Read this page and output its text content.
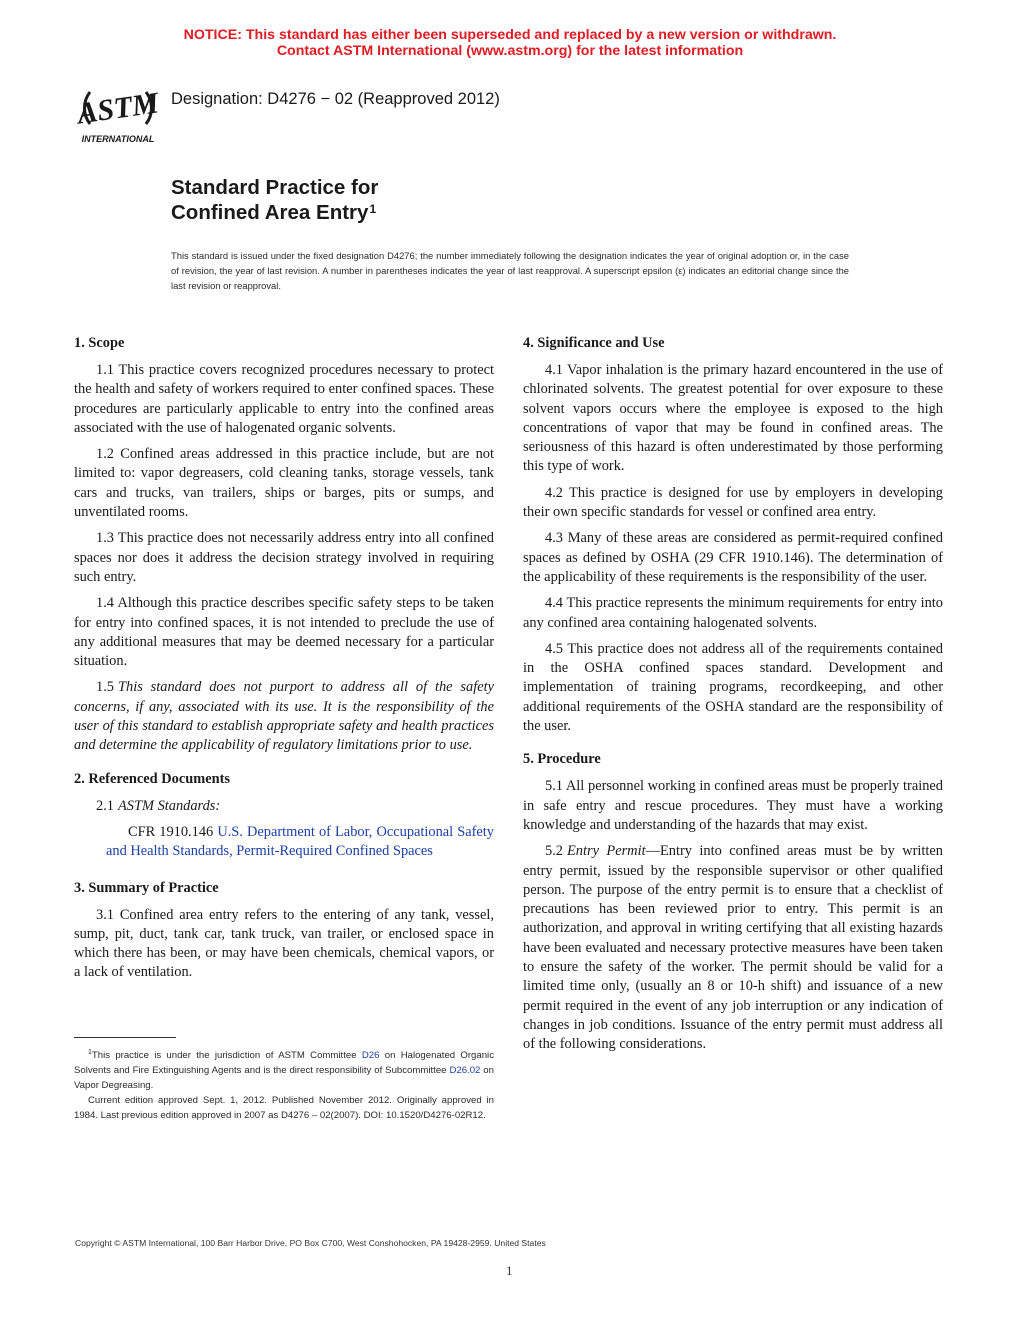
NOTICE: This standard has either been superseded and replaced by a new version or withdrawn.
Contact ASTM International (www.astm.org) for the latest information
ASTM
INTERNATIONAL
Designation: D4276 − 02 (Reapproved 2012)
Standard Practice for
Confined Area Entry$^1$
This standard is issued under the fixed designation D4276; the number immediately following the designation indicates the year of original adoption or, in the case of revision, the year of last revision. A number in parentheses indicates the year of last reapproval. A superscript epsilon (ε) indicates an editorial change since the last revision or reapproval.
1. Scope

1.1 This practice covers recognized procedures necessary to protect the health and safety of workers required to enter confined spaces. These procedures are particularly applicable to entry into the confined areas associated with the use of halogenated organic solvents.

1.2 Confined areas addressed in this practice include, but are not limited to: vapor degreasers, cold cleaning tanks, storage vessels, tank cars and trucks, van trailers, ships or barges, pits or sumps, and unventilated rooms.

1.3 This practice does not necessarily address entry into all confined spaces nor does it address the decision strategy involved in requiring such entry.

1.4 Although this practice describes specific safety steps to be taken for entry into confined spaces, it is not intended to preclude the use of any additional measures that may be deemed necessary for a particular situation.

1.5 This standard does not purport to address all of the safety concerns, if any, associated with its use. It is the responsibility of the user of this standard to establish appropriate safety and health practices and determine the applicability of regulatory limitations prior to use.

2. Referenced Documents

2.1 ASTM Standards:

CFR 1910.146 U.S. Department of Labor, Occupational Safety and Health Standards, Permit-Required Confined Spaces

3. Summary of Practice

3.1 Confined area entry refers to the entering of any tank, vessel, sump, pit, duct, tank car, tank truck, van trailer, or enclosed space in which there has been, or may have been chemicals, chemical vapors, or a lack of ventilation.

4. Significance and Use

4.1 Vapor inhalation is the primary hazard encountered in the use of chlorinated solvents. The greatest potential for over exposure to these solvent vapors occurs where the employee is exposed to the high concentrations of vapor that may be found in confined areas. The seriousness of this hazard is often underestimated by those performing this type of work.

4.2 This practice is designed for use by employers in developing their own specific standards for vessel or confined area entry.

4.3 Many of these areas are considered as permit-required confined spaces as defined by OSHA (29 CFR 1910.146). The determination of the applicability of these requirements is the responsibility of the user.

4.4 This practice represents the minimum requirements for entry into any confined area containing halogenated solvents.

4.5 This practice does not address all of the requirements contained in the OSHA confined spaces standard. Development and implementation of training programs, recordkeeping, and other additional requirements of the OSHA standard are the responsibility of the user.

5. Procedure

5.1 All personnel working in confined areas must be properly trained in safe entry and rescue procedures. They must have a working knowledge and understanding of the hazards that may exist.

5.2 Entry Permit—Entry into confined areas must be by written entry permit, issued by the responsible supervisor or other qualified person. The purpose of the entry permit is to ensure that a checklist of precautions has been reviewed prior to entry. This permit is an authorization, and approval in writing certifying that all existing hazards have been evaluated and necessary protective measures have been taken to ensure the safety of the worker. The permit should be valid for a limited time only, (usually an 8 or 10-h shift) and issuance of a new permit required in the event of any job interruption or any indication of changes in job conditions. Issuance of the entry permit must address all of the following considerations.

$^1$This practice is under the jurisdiction of ASTM Committee D26 on Halogenated Organic Solvents and Fire Extinguishing Agents and is the direct responsibility of Subcommittee D26.02 on Vapor Degreasing.

Current edition approved Sept. 1, 2012. Published November 2012. Originally approved in 1984. Last previous edition approved in 2007 as D4276 – 02(2007). DOI: 10.1520/D4276-02R12.

Copyright © ASTM International, 100 Barr Harbor Drive, PO Box C700, West Conshohocken, PA 19428-2959. United States
1
